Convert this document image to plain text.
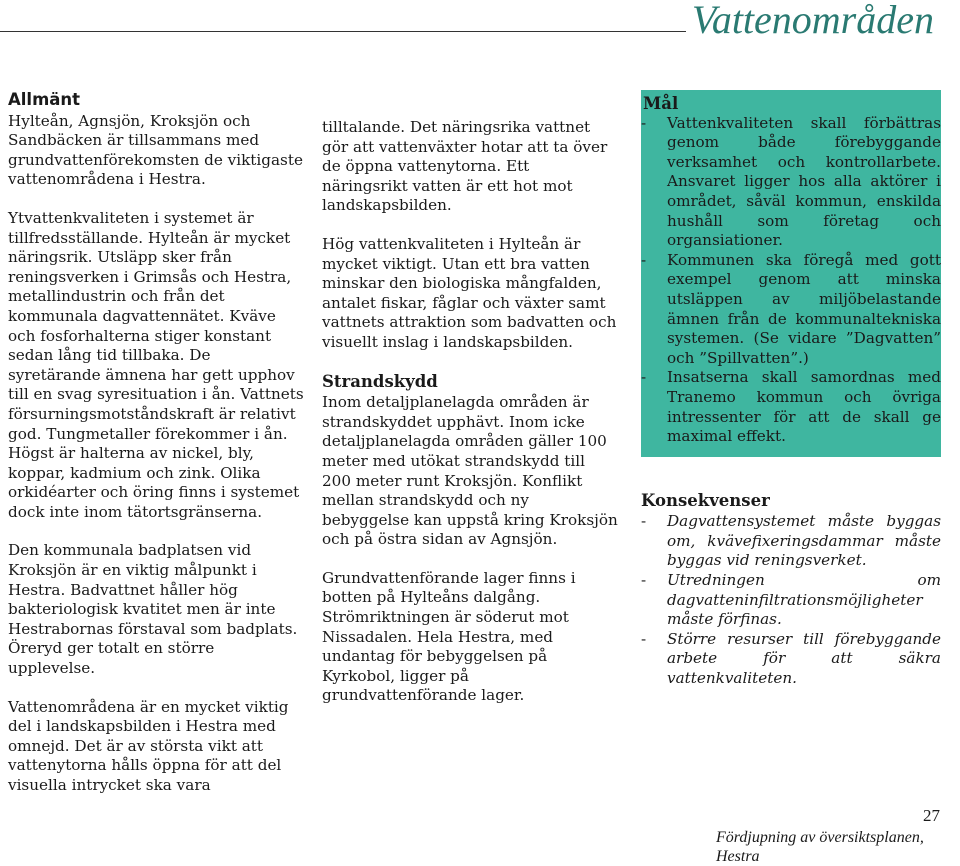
Vattenområden
Allmänt

Hylteån, Agnsjön, Kroksjön och Sandbäcken är tillsammans med grundvattenförekomsten de viktigaste vattenområdena i Hestra.

Ytvattenkvaliteten i systemet är tillfredsställande. Hylteån är mycket näringsrik. Utsläpp sker från reningsverken i Grimsås och Hestra, metallindustrin och från det kommunala dagvattennätet. Kväve och fosforhalterna stiger konstant sedan lång tid tillbaka. De syretärande ämnena har gett upphov till en svag syresituation i ån. Vattnets försurningsmotståndskraft är relativt god. Tungmetaller förekommer i ån. Högst är halterna av nickel, bly, koppar, kadmium och zink. Olika orkidéarter och öring finns i systemet dock inte inom tätortsgränserna.

Den kommunala badplatsen vid Kroksjön är en viktig målpunkt i Hestra. Badvattnet håller hög bakteriologisk kvatitet men är inte Hestrabornas förstaval som badplats. Öreryd ger totalt en större upplevelse.

Vattenområdena är en mycket viktig del i landskapsbilden i Hestra med omnejd. Det är av största vikt att vattenytorna hålls öppna för att del visuella intrycket ska vara

tilltalande. Det näringsrika vattnet gör att vattenväxter hotar att ta över de öppna vattenytorna. Ett näringsrikt vatten är ett hot mot landskapsbilden.

Hög vattenkvaliteten i Hylteån är mycket viktigt. Utan ett bra vatten minskar den biologiska mångfalden, antalet fiskar, fåglar och växter samt vattnets attraktion som badvatten och visuellt inslag i landskapsbilden.

Strandskydd

Inom detaljplanelagda områden är strandskyddet upphävt. Inom icke detaljplanelagda områden gäller 100 meter med utökat strandskydd till 200 meter runt Kroksjön. Konflikt mellan strandskydd och ny bebyggelse kan uppstå kring Kroksjön och på östra sidan av Agnsjön.

Grundvattenförande lager finns i botten på Hylteåns dalgång. Strömriktningen är söderut mot Nissadalen. Hela Hestra, med undantag för bebyggelsen på Kyrkobol, ligger på grundvattenförande lager.

Mål
-	Vattenkvaliteten skall förbättras genom både förebyggande verksamhet och kontrollarbete. Ansvaret ligger hos alla aktörer i området, såväl kommun, enskilda hushåll som företag och organsiationer.
-	Kommunen ska föregå med gott exempel genom att minska utsläppen av miljöbelastande ämnen från de kommunaltekniska systemen. (Se vidare ”Dagvatten” och ”Spillvatten”.)
-	Insatserna skall samordnas med Tranemo kommun och övriga intressenter för att de skall ge maximal effekt.
Konsekvenser
-	Dagvattensystemet måste byggas om, kvävefixeringsdammar måste byggas vid reningsverket.
-	Utredningen om dagvatteninfiltrationsmöjligheter måste förfinas.
-	Större resurser till förebyggande arbete för att säkra vattenkvaliteten.
27
Fördjupning av översiktsplanen, Hestra
